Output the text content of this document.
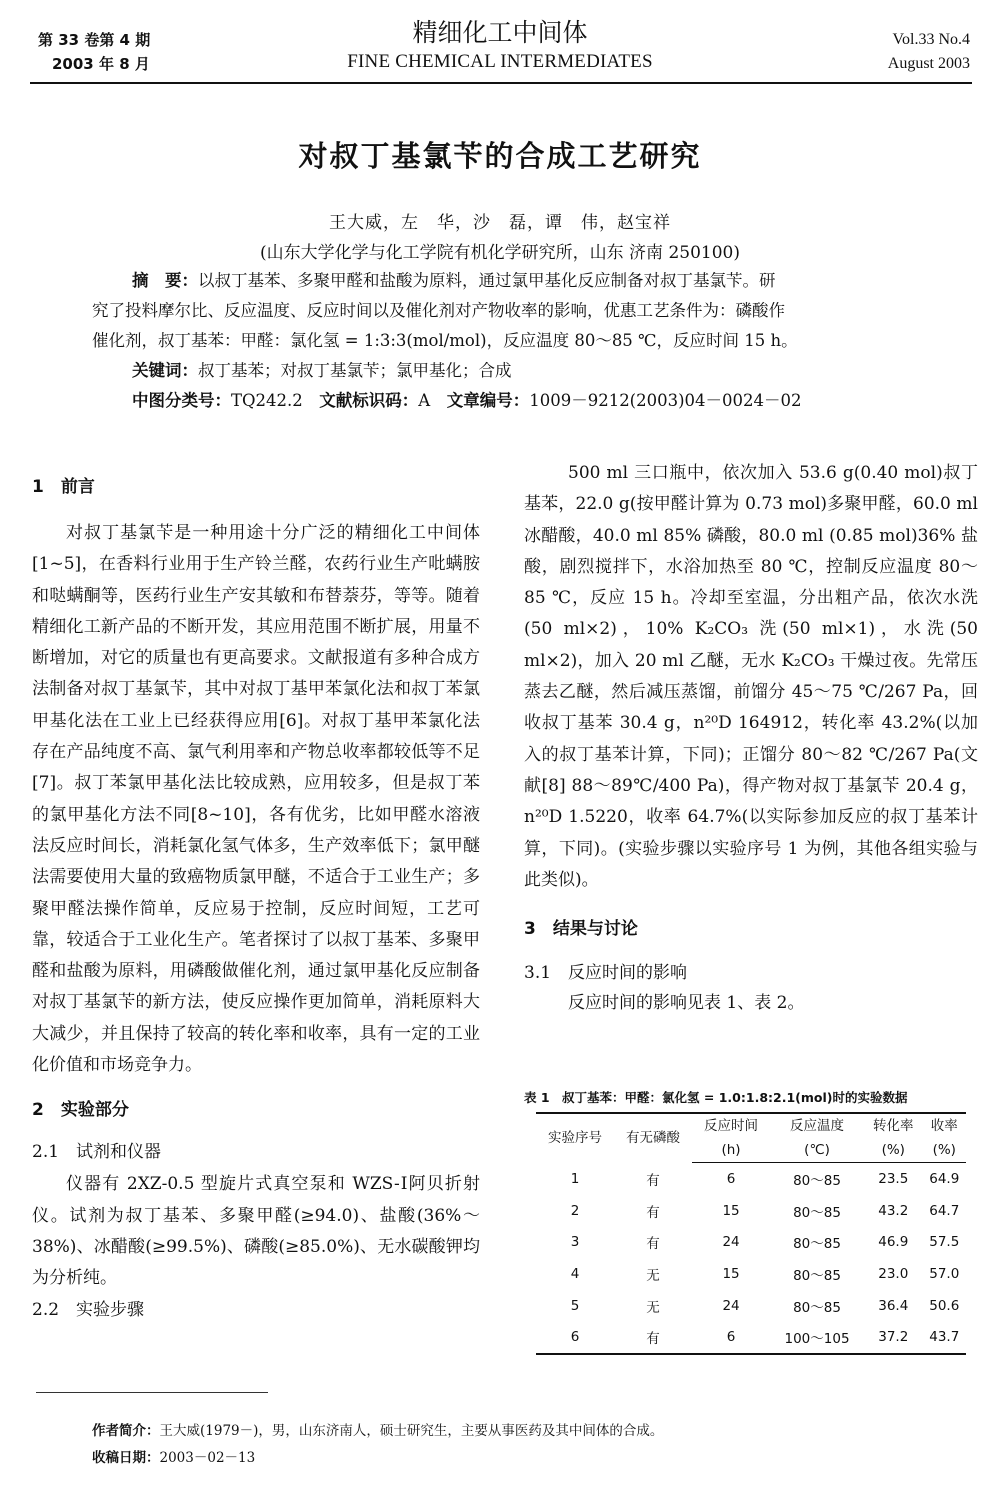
第 33 卷第 4 期
2003 年 8 月
精细化工中间体
FINE CHEMICAL INTERMEDIATES
Vol.33 No.4
August 2003
对叔丁基氯苄的合成工艺研究
王大威，左　华，沙　磊，谭　伟，赵宝祥
(山东大学化学与化工学院有机化学研究所，山东 济南 250100)
摘　要：以叔丁基苯、多聚甲醛和盐酸为原料，通过氯甲基化反应制备对叔丁基氯苄。研
究了投料摩尔比、反应温度、反应时间以及催化剂对产物收率的影响，优惠工艺条件为：磷酸作
催化剂，叔丁基苯：甲醛：氯化氢 = 1:3:3(mol/mol)，反应温度 80～85 ℃，反应时间 15 h。
关键词：叔丁基苯；对叔丁基氯苄；氯甲基化；合成
中图分类号：TQ242.2　 文献标识码：A　 文章编号：1009－9212(2003)04－0024－02
1　前言

对叔丁基氯苄是一种用途十分广泛的精细化工中间体[1~5]，在香料行业用于生产铃兰醛，农药行业生产吡螨胺和哒螨酮等，医药行业生产安其敏和布替萘芬，等等。随着精细化工新产品的不断开发，其应用范围不断扩展，用量不断增加，对它的质量也有更高要求。文献报道有多种合成方法制备对叔丁基氯苄，其中对叔丁基甲苯氯化法和叔丁苯氯甲基化法在工业上已经获得应用[6]。对叔丁基甲苯氯化法存在产品纯度不高、氯气利用率和产物总收率都较低等不足[7]。叔丁苯氯甲基化法比较成熟，应用较多，但是叔丁苯的氯甲基化方法不同[8~10]，各有优劣，比如甲醛水溶液法反应时间长，消耗氯化氢气体多，生产效率低下；氯甲醚法需要使用大量的致癌物质氯甲醚，不适合于工业生产；多聚甲醛法操作简单，反应易于控制，反应时间短，工艺可靠，较适合于工业化生产。笔者探讨了以叔丁基苯、多聚甲醛和盐酸为原料，用磷酸做催化剂，通过氯甲基化反应制备对叔丁基氯苄的新方法，使反应操作更加简单，消耗原料大大减少，并且保持了较高的转化率和收率，具有一定的工业化价值和市场竞争力。

2　实验部分
2.1　试剂和仪器

仪器有 2XZ-0.5 型旋片式真空泵和 WZS-Ⅰ阿贝折射仪。试剂为叔丁基苯、多聚甲醛(≥94.0)、盐酸(36%～38%)、冰醋酸(≥99.5%)、磷酸(≥85.0%)、无水碳酸钾均为分析纯。

2.2　实验步骤

500 ml 三口瓶中，依次加入 53.6 g(0.40 mol)叔丁基苯，22.0 g(按甲醛计算为 0.73 mol)多聚甲醛，60.0 ml 冰醋酸，40.0 ml 85% 磷酸，80.0 ml (0.85 mol)36% 盐酸，剧烈搅拌下，水浴加热至 80 ℃，控制反应温度 80～85 ℃，反应 15 h。冷却至室温，分出粗产品，依次水洗(50 ml×2)，10% K₂CO₃ 洗(50 ml×1)，水洗(50 ml×2)，加入 20 ml 乙醚，无水 K₂CO₃ 干燥过夜。先常压蒸去乙醚，然后减压蒸馏，前馏分 45～75 ℃/267 Pa，回收叔丁基苯 30.4 g，n²⁰D 164912，转化率 43.2%(以加入的叔丁基苯计算，下同)；正馏分 80～82 ℃/267 Pa(文献[8] 88～89℃/400 Pa)，得产物对叔丁基氯苄 20.4 g，n²⁰D 1.5220，收率 64.7%(以实际参加反应的叔丁基苯计算，下同)。(实验步骤以实验序号 1 为例，其他各组实验与此类似)。

3　结果与讨论
3.1　反应时间的影响

反应时间的影响见表 1、表 2。

表 1　叔丁基苯：甲醛：氯化氢 = 1.0:1.8:2.1(mol)时的实验数据
实验序号	有无磷酸	反应时间	反应温度	转化率	收率
		(h)	(℃)	(%)	(%)
1	有	6	80～85	23.5	64.9
2	有	15	80～85	43.2	64.7
3	有	24	80～85	46.9	57.5
4	无	15	80～85	23.0	57.0
5	无	24	80～85	36.4	50.6
6	有	6	100～105	37.2	43.7
作者简介：王大威(1979－)，男，山东济南人，硕士研究生，主要从事医药及其中间体的合成。
收稿日期：2003－02－13
